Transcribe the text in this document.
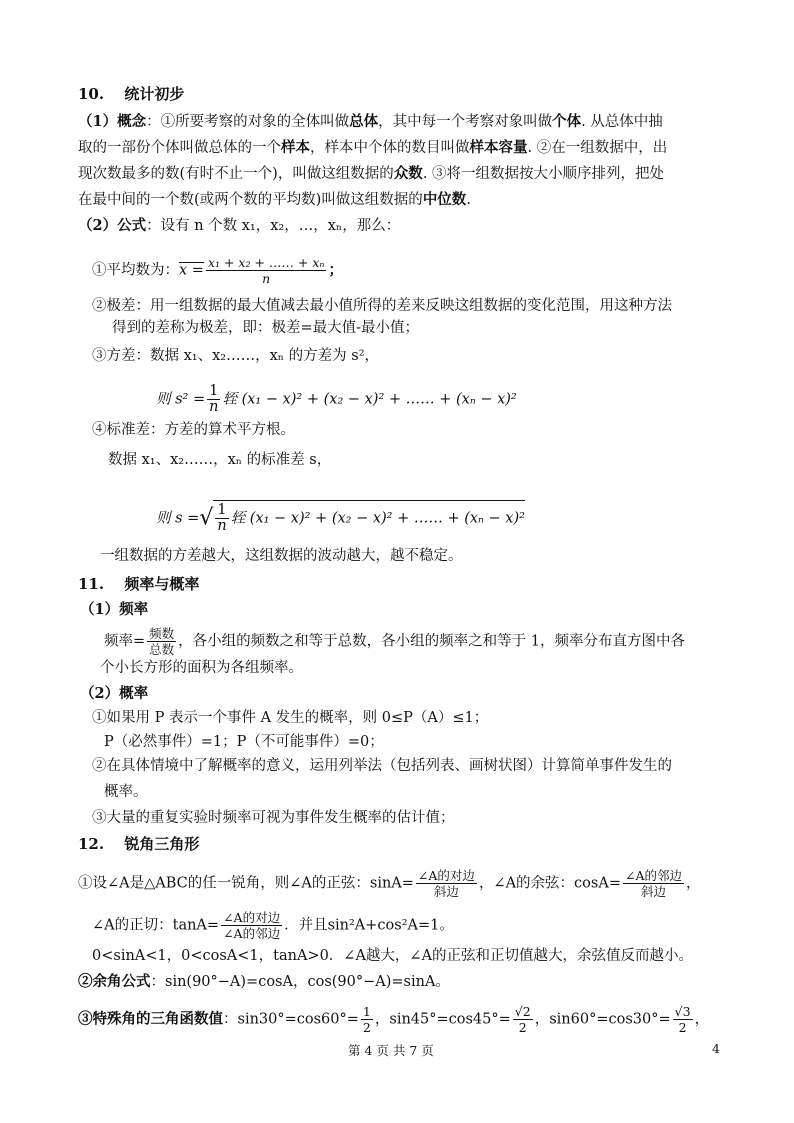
10.　 统计初步
（1）概念：①所要考察的对象的全体叫做总体，其中每一个考察对象叫做个体. 从总体中抽
取的一部份个体叫做总体的一个样本，样本中个体的数目叫做样本容量. ②在一组数据中，出
现次数最多的数(有时不止一个)，叫做这组数据的众数. ③将一组数据按大小顺序排列，把处
在最中间的一个数(或两个数的平均数)叫做这组数据的中位数.
（2）公式：设有 n 个数 x₁，x₂，…，xₙ，那么：
①平均数为：$x = \frac{\text{x₁ + x₂ + …… + xₙ}}{n}$ ；
②极差：用一组数据的最大值减去最小值所得的差来反映这组数据的变化范围，用这种方法
得到的差称为极差，即：极差=最大值-最小值；
③方差：数据 x₁、x₂……，xₙ 的方差为 s²，
则 $s^2 = \frac{1}{n}$ 轾 (x₁ − x)² + (x₂ − x)² + …… + (xₙ − x)²
④标准差：方差的算术平方根。
数据 x₁、x₂……，xₙ 的标准差 s，
则 s =√ $\frac{1}{n}$ 轾 (x₁ − x)² + (x₂ − x)² + …… + (xₙ − x)²
一组数据的方差越大，这组数据的波动越大，越不稳定。
11.　 频率与概率
（1）频率
频率= $\frac{\text{频数}}{\text{总数}}$ ，各小组的频数之和等于总数，各小组的频率之和等于 1，频率分布直方图中各
个小长方形的面积为各组频率。
（2）概率
①如果用 P 表示一个事件 A 发生的概率，则 0≤P（A）≤1；
P（必然事件）=1；P（不可能事件）=0；
②在具体情境中了解概率的意义，运用列举法（包括列表、画树状图）计算简单事件发生的
概率。
③大量的重复实验时频率可视为事件发生概率的估计值；
12.　 锐角三角形
①设∠A是△ABC的任一锐角，则∠A的正弦：$\sin A= \frac{\text{∠A的对边}}{\text{斜边}}$ ，∠A的余弦：$\cos A= \frac{\text{∠A的邻边}}{\text{斜边}}$ ，
∠A的正切：$\tan A= \frac{\text{∠A的对边}}{\text{∠A的邻边}}$ ．并且sin²A+cos²A=1。
0<sinA<1，0<cosA<1，tanA>0．∠A越大，∠A的正弦和正切值越大，余弦值反而越小。
②余角公式：sin(90°−A)=cosA，cos(90°−A)=sinA。
③特殊角的三角函数值：$\sin 30^\circ=\cos 60^\circ= \frac{1}{2}$ ，$\sin 45^\circ=\cos 45^\circ= \frac{√2}{2}$ ，$\sin 60^\circ=\cos 30^\circ= \frac{√3}{2}$ ，
第 4 页 共 7 页	4
